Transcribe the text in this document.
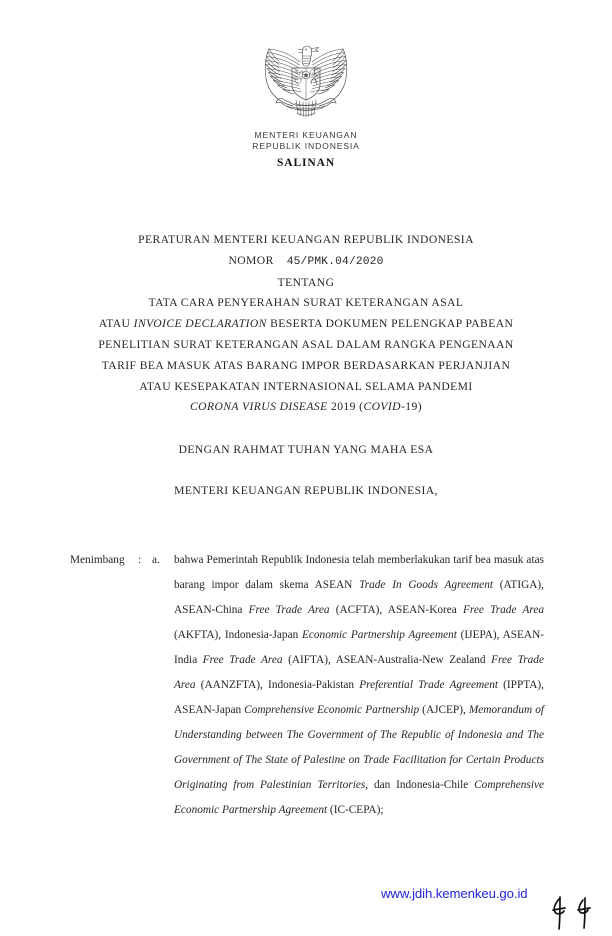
MENTERI KEUANGAN
REPUBLIK INDONESIA
SALINAN
PERATURAN MENTERI KEUANGAN REPUBLIK INDONESIA
NOMOR 45/PMK.04/2020
TENTANG
TATA CARA PENYERAHAN SURAT KETERANGAN ASAL
ATAU INVOICE DECLARATION BESERTA DOKUMEN PELENGKAP PABEAN
PENELITIAN SURAT KETERANGAN ASAL DALAM RANGKA PENGENAAN
TARIF BEA MASUK ATAS BARANG IMPOR BERDASARKAN PERJANJIAN
ATAU KESEPAKATAN INTERNASIONAL SELAMA PANDEMI
CORONA VIRUS DISEASE 2019 (COVID-19)
DENGAN RAHMAT TUHAN YANG MAHA ESA
MENTERI KEUANGAN REPUBLIK INDONESIA,
Menimbang	: a.	bahwa Pemerintah Republik Indonesia telah memberlakukan tarif bea masuk atas barang impor dalam skema ASEAN Trade In Goods Agreement (ATIGA), ASEAN-China Free Trade Area (ACFTA), ASEAN-Korea Free Trade Area (AKFTA), Indonesia-Japan Economic Partnership Agreement (IJEPA), ASEAN-India Free Trade Area (AIFTA), ASEAN-Australia-New Zealand Free Trade Area (AANZFTA), Indonesia-Pakistan Preferential Trade Agreement (IPPTA), ASEAN-Japan Comprehensive Economic Partnership (AJCEP), Memorandum of Understanding between The Government of The Republic of Indonesia and The Government of The State of Palestine on Trade Facilitation for Certain Products Originating from Palestinian Territories, dan Indonesia-Chile Comprehensive Economic Partnership Agreement (IC-CEPA);
www.jdih.kemenkeu.go.id
